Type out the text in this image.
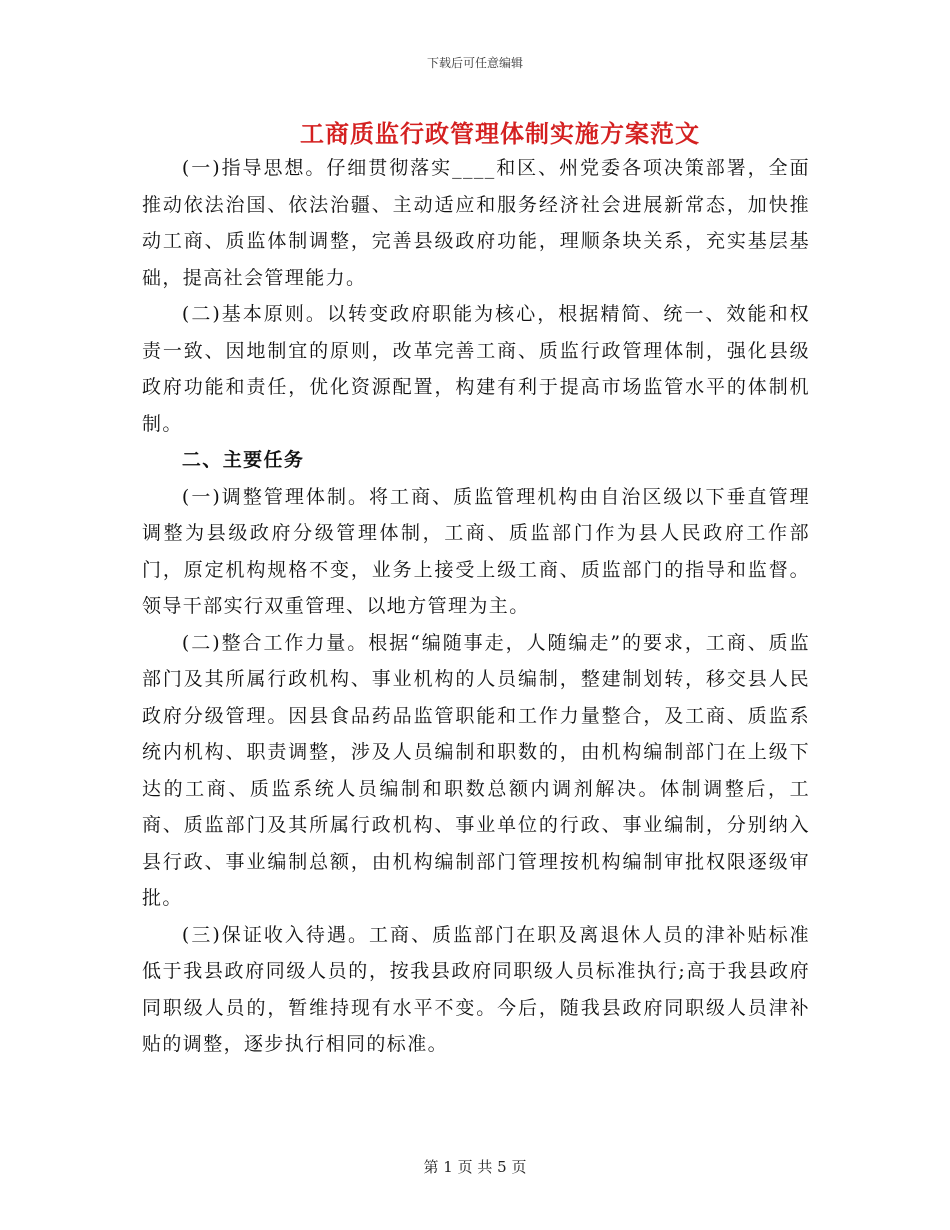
下载后可任意编辑
工商质监行政管理体制实施方案范文

(一)指导思想。仔细贯彻落实____和区、州党委各项决策部署，全面推动依法治国、依法治疆、主动适应和服务经济社会进展新常态，加快推动工商、质监体制调整，完善县级政府功能，理顺条块关系，充实基层基础，提高社会管理能力。

(二)基本原则。以转变政府职能为核心，根据精简、统一、效能和权责一致、因地制宜的原则，改革完善工商、质监行政管理体制，强化县级政府功能和责任，优化资源配置，构建有利于提高市场监管水平的体制机制。

二、主要任务

(一)调整管理体制。将工商、质监管理机构由自治区级以下垂直管理调整为县级政府分级管理体制，工商、质监部门作为县人民政府工作部门，原定机构规格不变，业务上接受上级工商、质监部门的指导和监督。领导干部实行双重管理、以地方管理为主。

(二)整合工作力量。根据“编随事走，人随编走”的要求，工商、质监部门及其所属行政机构、事业机构的人员编制，整建制划转，移交县人民政府分级管理。因县食品药品监管职能和工作力量整合，及工商、质监系统内机构、职责调整，涉及人员编制和职数的，由机构编制部门在上级下达的工商、质监系统人员编制和职数总额内调剂解决。体制调整后，工商、质监部门及其所属行政机构、事业单位的行政、事业编制，分别纳入县行政、事业编制总额，由机构编制部门管理按机构编制审批权限逐级审批。

(三)保证收入待遇。工商、质监部门在职及离退休人员的津补贴标准低于我县政府同级人员的，按我县政府同职级人员标准执行;高于我县政府同职级人员的，暂维持现有水平不变。今后，随我县政府同职级人员津补贴的调整，逐步执行相同的标准。

第 1 页 共 5 页
